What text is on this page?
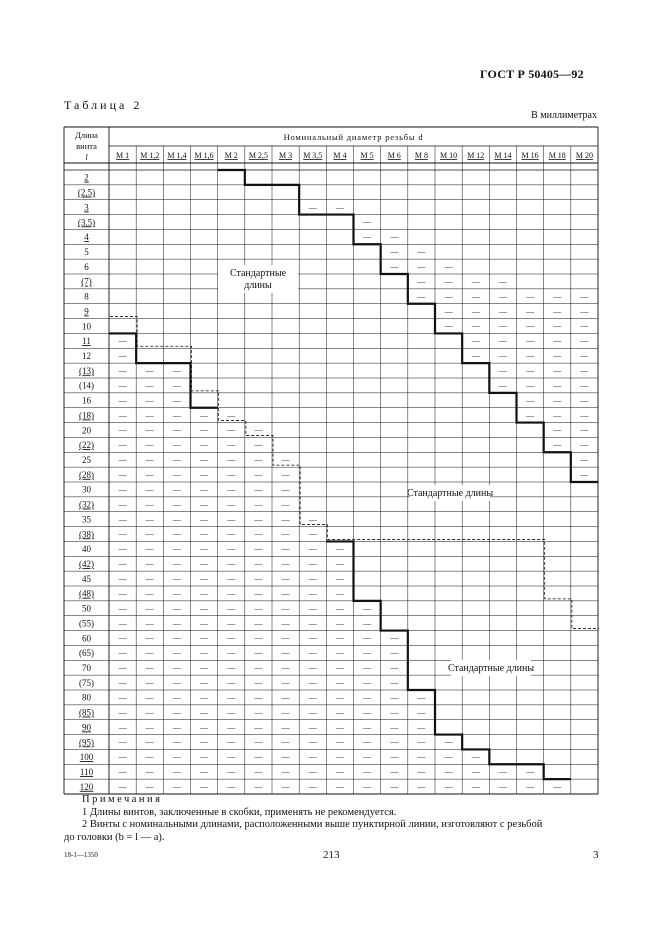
ГОСТ Р 50405—92
Таблица 2
В миллиметрах
Длина
винта
l
Номинальный диаметр резьбы d
М 1 М 1,2 М 1,4 М 1,6 М 2 М 2,5 М 3 М 3,5 М 4 М 5 М 6 М 8 М 10 М 12 М 14 М 16 М 18 М 20
2
(2,5)
3
(3,5)
4
5
6
(7)
8
9
10
11
12
(13)
(14)
16
(18)
20
(22)
25
(28)
30
(32)
35
(38)
40
(42)
45
(48)
50
(55)
60
(65)
70
(75)
80
(85)
90
(95)
100
110
120
—
—
—
—
—
—
—
—
—
—
—
—
—
—
—
—
—
—
—
—
—
—
—
—
—
—
—
—
—
—
—
—
—
—
—
—
—
—
—
—
—
—
—
—
—
—
—
—
—
—
—
—
—
—
—
—
—
—
—
—
—
—
—
—
—
—
—
—
—
—
—
—
—
—
—
—
—
—
—
—
—
—
—
—
—
—
—
—
—
—
—
—
—
—
—
—
—
—
—
—
—
—
—
—
—
—
—
—
—
—
—
—
—
—
—
—
—
—
—
—
—
—
—
—
—
—
—
—
—
—
—
—
—
—
—
—
—
—
—
—
—
—
—
—
—
—
—
—
—
—
—
—
—
—
—
—
—
—
—
—
—
—
—
—
—
—
—
—
—
—
—
—
—
—
—
—
—
—
—
—
—
—
—
—
—
—
—
—
—
—
—
—
—
—
—
—
—
—
—
—
—
—
—
—
—
—
—
—
—
—
—
—
—
—
—
—
—
—
—
—
—
—
—
—
—
—
—
—
—
—
—
—
—
—
—
—
—
—
—
—
—
—
—
—
—
—
—
—
—
—
—
—
—
—
—
—
—
—
—
—
—
—
—
—
—
—
—
—
—
—
—
—
—
—
—
—
—
—
—
—
—
—
—
—
—
—
—
—
—
—
—
—
—
—
—
—
—
—
—
—
—
—
—
—
—
—
—
—
—
—
—
—
—
—
—
—
—
—
—
—
—
—
—
—
—
—
—
—
—
—
—
Стандартные
длины
Стандартные длины
Стандартные длины
Примечания
1 Длины винтов, заключенные в скобки, применять не рекомендуется.
2 Винты с номинальными длинами, расположенными выше пунктирной линии, изготовляют с резьбой
до головки (b = l — a).
18-1—1350	213	3
